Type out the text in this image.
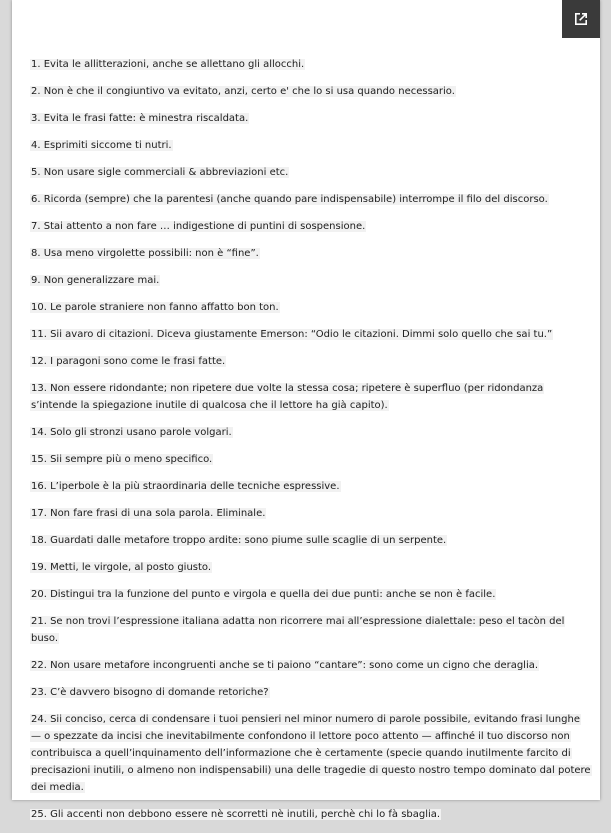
1. Evita le allitterazioni, anche se allettano gli allocchi.
2. Non è che il congiuntivo va evitato, anzi, certo e' che lo si usa quando necessario.
3. Evita le frasi fatte: è minestra riscaldata.
4. Esprimiti siccome ti nutri.
5. Non usare sigle commerciali & abbreviazioni etc.
6. Ricorda (sempre) che la parentesi (anche quando pare indispensabile) interrompe il filo del discorso.
7. Stai attento a non fare … indigestione di puntini di sospensione.
8. Usa meno virgolette possibili: non è “fine”.
9. Non generalizzare mai.
10. Le parole straniere non fanno affatto bon ton.
11. Sii avaro di citazioni. Diceva giustamente Emerson: “Odio le citazioni. Dimmi solo quello che sai tu.”
12. I paragoni sono come le frasi fatte.
13. Non essere ridondante; non ripetere due volte la stessa cosa; ripetere è superfluo (per ridondanza s’intende la spiegazione inutile di qualcosa che il lettore ha già capito).
14. Solo gli stronzi usano parole volgari.
15. Sii sempre più o meno specifico.
16. L’iperbole è la più straordinaria delle tecniche espressive.
17. Non fare frasi di una sola parola. Eliminale.
18. Guardati dalle metafore troppo ardite: sono piume sulle scaglie di un serpente.
19. Metti, le virgole, al posto giusto.
20. Distingui tra la funzione del punto e virgola e quella dei due punti: anche se non è facile.
21. Se non trovi l’espressione italiana adatta non ricorrere mai all’espressione dialettale: peso el tacòn del buso.
22. Non usare metafore incongruenti anche se ti paiono “cantare”: sono come un cigno che deraglia.
23. C’è davvero bisogno di domande retoriche?
24. Sii conciso, cerca di condensare i tuoi pensieri nel minor numero di parole possibile, evitando frasi lunghe — o spezzate da incisi che inevitabilmente confondono il lettore poco attento — affinché il tuo discorso non contribuisca a quell’inquinamento dell’informazione che è certamente (specie quando inutilmente farcito di precisazioni inutili, o almeno non indispensabili) una delle tragedie di questo nostro tempo dominato dal potere dei media.
25. Gli accenti non debbono essere nè scorretti nè inutili, perchè chi lo fà sbaglia.
